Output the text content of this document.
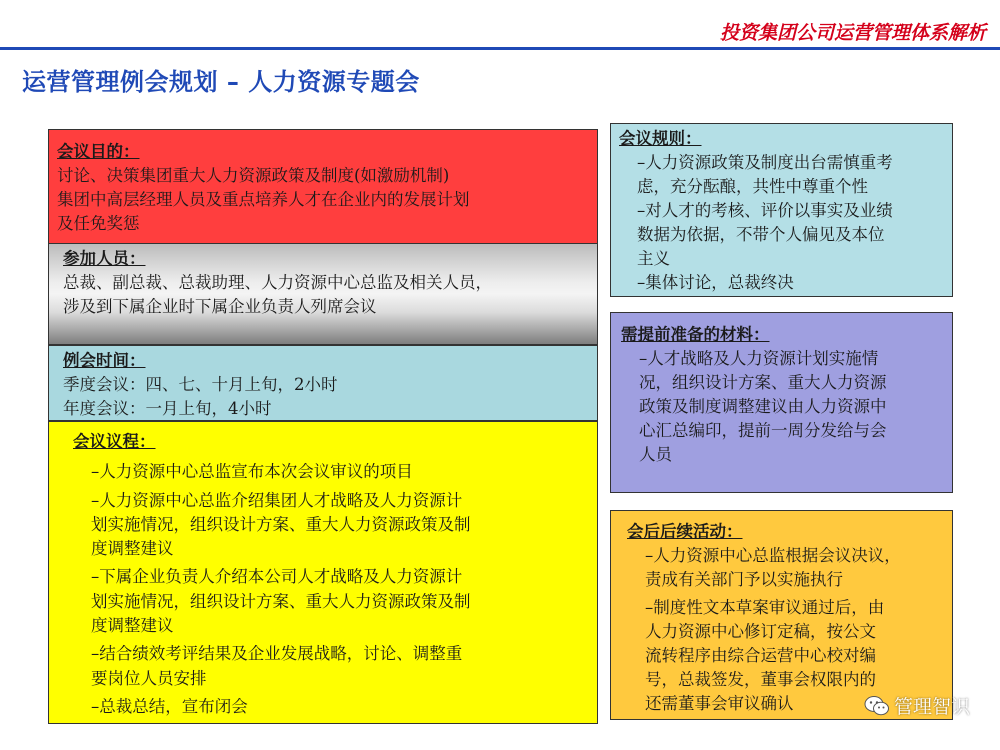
投资集团公司运营管理体系解析
运营管理例会规划 – 人力资源专题会
会议目的：
讨论、决策集团重大人力资源政策及制度(如激励机制)
集团中高层经理人员及重点培养人才在企业内的发展计划
及任免奖惩
参加人员：
总裁、副总裁、总裁助理、人力资源中心总监及相关人员，
涉及到下属企业时下属企业负责人列席会议
例会时间：
季度会议：四、七、十月上旬，2小时
年度会议：一月上旬，4小时
会议议程：
–人力资源中心总监宣布本次会议审议的项目
–人力资源中心总监介绍集团人才战略及人力资源计
划实施情况，组织设计方案、重大人力资源政策及制
度调整建议
–下属企业负责人介绍本公司人才战略及人力资源计
划实施情况，组织设计方案、重大人力资源政策及制
度调整建议
–结合绩效考评结果及企业发展战略，讨论、调整重
要岗位人员安排
–总裁总结，宣布闭会
会议规则：
–人力资源政策及制度出台需慎重考
虑，充分酝酿，共性中尊重个性
–对人才的考核、评价以事实及业绩
数据为依据，不带个人偏见及本位
主义
–集体讨论，总裁终决
需提前准备的材料：
–人才战略及人力资源计划实施情
况，组织设计方案、重大人力资源
政策及制度调整建议由人力资源中
心汇总编印，提前一周分发给与会
人员
会后后续活动：
–人力资源中心总监根据会议决议，
责成有关部门予以实施执行
–制度性文本草案审议通过后，由
人力资源中心修订定稿，按公文
流转程序由综合运营中心校对编
号，总裁签发，董事会权限内的
还需董事会审议确认	管理智识
